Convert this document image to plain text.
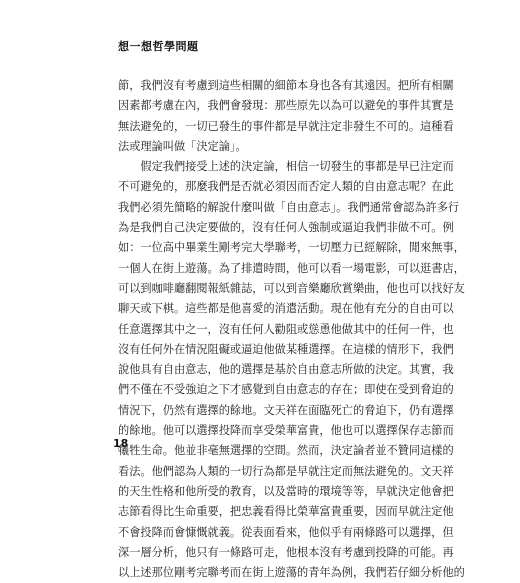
想一想哲學問題
節，我們沒有考慮到這些相關的細節本身也各有其遠因。把所有相關
因素都考慮在內，我們會發現：那些原先以為可以避免的事件其實是
無法避免的，一切已發生的事件都是早就注定非發生不可的。這種看
法或理論叫做「決定論」。
　　假定我們接受上述的決定論，相信一切發生的事都是早已注定而
不可避免的，那麼我們是否就必須因而否定人類的自由意志呢？在此
我們必須先簡略的解說什麼叫做「自由意志」。我們通常會認為許多行
為是我們自己決定要做的，沒有任何人強制或逼迫我們非做不可。例
如：一位高中畢業生剛考完大學聯考，一切壓力已經解除，閒來無事，
一個人在街上遊蕩。為了排遣時間，他可以看一場電影，可以逛書店，
可以到咖啡廳翻閱報紙雜誌，可以到音樂廳欣賞樂曲，他也可以找好友
聊天或下棋。這些都是他喜愛的消遣活動。現在他有充分的自由可以
任意選擇其中之一，沒有任何人勸阻或慫恿他做其中的任何一件，也
沒有任何外在情況阻礙或逼迫他做某種選擇。在這樣的情形下，我們
說他具有自由意志，他的選擇是基於自由意志所做的決定。其實，我
們不僅在不受強迫之下才感覺到自由意志的存在；即使在受到脅迫的
情況下，仍然有選擇的餘地。文天祥在面臨死亡的脅迫下，仍有選擇
的餘地。他可以選擇投降而享受榮華富貴，他也可以選擇保存志節而
犧牲生命。他並非毫無選擇的空間。然而，決定論者並不贊同這樣的
看法。他們認為人類的一切行為都是早就注定而無法避免的。文天祥
的天生性格和他所受的教育，以及當時的環境等等，早就決定他會把
志節看得比生命重要，把忠義看得比榮華富貴重要，因而早就注定他
不會投降而會慷慨就義。從表面看來，他似乎有兩條路可以選擇，但
深一層分析，他只有一條路可走，他根本沒有考慮到投降的可能。再
以上述那位剛考完聯考而在街上遊蕩的青年為例，我們若仔細分析他的
18
